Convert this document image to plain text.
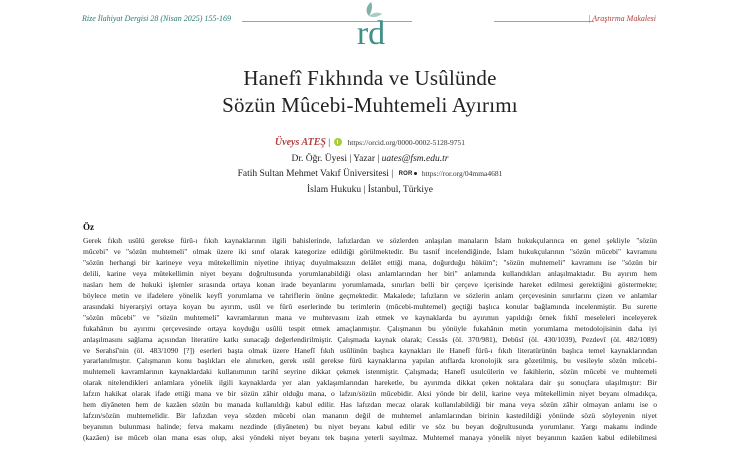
Rize İlahiyat Dergisi 28 (Nisan 2025) 155-169	| Araştırma Makalesi
rd
Hanefî Fıkhında ve Usûlünde
Sözün Mûcebi-Muhtemeli Ayırımı
Üveys ATEŞ | https://orcid.org/0000-0002-5128-9751
Dr. Öğr. Üyesi | Yazar | uates@fsm.edu.tr
Fatih Sultan Mehmet Vakıf Üniversitesi | ROR https://ror.org/04mma4681
İslam Hukuku | İstanbul, Türkiye
Öz
Gerek fıkıh usûlü gerekse fürû-ı fıkıh kaynaklarının ilgili bahislerinde, lafızlardan ve sözlerden anlaşılan manaların İslam hukukçularınca en genel şekliyle "sözün
mûcebi" ve "sözün muhtemeli" olmak üzere iki sınıf olarak kategorize edildiği görülmektedir. Bu tasnif incelendiğinde, İslam hukukçularının "sözün mûcebi" kavramını
"sözün herhangi bir karineye veya mütekellimin niyetine ihtiyaç duyulmaksızın delâlet ettiği mana, doğurduğu hüküm"; "sözün muhtemeli" kavramını ise "sözün bir
delili, karine veya mütekellimin niyet beyanı doğrultusunda yorumlanabildiği olası anlamlarından her biri" anlamında kullandıkları anlaşılmaktadır. Bu ayırım hem
nasları hem de hukuki işlemler sırasında ortaya konan irade beyanlarını yorumlamada, sınırları belli bir çerçeve içerisinde hareket edilmesi gerektiğini göstermekte;
böylece metin ve ifadelere yönelik keyfî yorumlama ve tahriflerin önüne geçmektedir. Makalede; lafızların ve sözlerin anlam çerçevesinin sınırlarını çizen ve anlamlar
arasındaki hiyerarşiyi ortaya koyan bu ayırım, usûl ve fürû eserlerinde bu terimlerin (mûcebi-muhtemel) geçtiği başlıca konular bağlamında incelenmiştir. Bu surette
"sözün mûcebi" ve "sözün muhtemeli" kavramlarının mana ve muhtevasını izah etmek ve kaynaklarda bu ayırımın yapıldığı örnek fıkhî meseleleri inceleyerek
fukahânın bu ayırımı çerçevesinde ortaya koyduğu usûlü tespit etmek amaçlanmıştır. Çalışmanın bu yönüyle fukahânın metin yorumlama metodolojisinin daha iyi
anlaşılmasını sağlama açısından literatüre katkı sunacağı değerlendirilmiştir. Çalışmada kaynak olarak; Cessâs (öl. 370/981), Debûsî (öl. 430/1039), Pezdevî (öl. 482/1089)
ve Serahsî'nin (öl. 483/1090 [?]) eserleri başta olmak üzere Hanefî fıkıh usûlünün başlıca kaynakları ile Hanefî fürû-ı fıkıh literatürünün başlıca temel kaynaklarından
yararlanılmıştır. Çalışmanın konu başlıkları ele alınırken, gerek usûl gerekse fürû kaynaklarına yapılan atıflarda kronolojik sıra gözetilmiş, bu vesileyle sözün mûcebi-
muhtemeli kavramlarının kaynaklardaki kullanımının tarihî seyrine dikkat çekmek istenmiştir. Çalışmada; Hanefî usulcülerin ve fakihlerin, sözün mûcebi ve muhtemeli
olarak nitelendikleri anlamlara yönelik ilgili kaynaklarda yer alan yaklaşımlarından hareketle, bu ayırımda dikkat çeken noktalara dair şu sonuçlara ulaşılmıştır: Bir
lafzın hakikat olarak ifade ettiği mana ve bir sözün zâhir olduğu mana, o lafzın/sözün mûcebidir. Aksi yönde bir delil, karine veya mütekellimin niyet beyanı olmadıkça,
hem diyâneten hem de kazâen sözün bu manada kullanıldığı kabul edilir. Has lafızdan mecaz olarak kullanılabildiği bir mana veya sözün zâhir olmayan anlamı ise o
lafzın/sözün muhtemelidir. Bir lafızdan veya sözden mûcebi olan mananın değil de muhtemel anlamlarından birinin kastedildiği yönünde sözü söyleyenin niyet
beyanının bulunması halinde; fetva makamı nezdinde (diyâneten) bu niyet beyanı kabul edilir ve söz bu beyan doğrultusunda yorumlanır. Yargı makamı indinde
(kazâen) ise mûceb olan mana esas olup, aksi yöndeki niyet beyanı tek başına yeterli sayılmaz. Muhtemel manaya yönelik niyet beyanının kazâen kabul edilebilmesi
